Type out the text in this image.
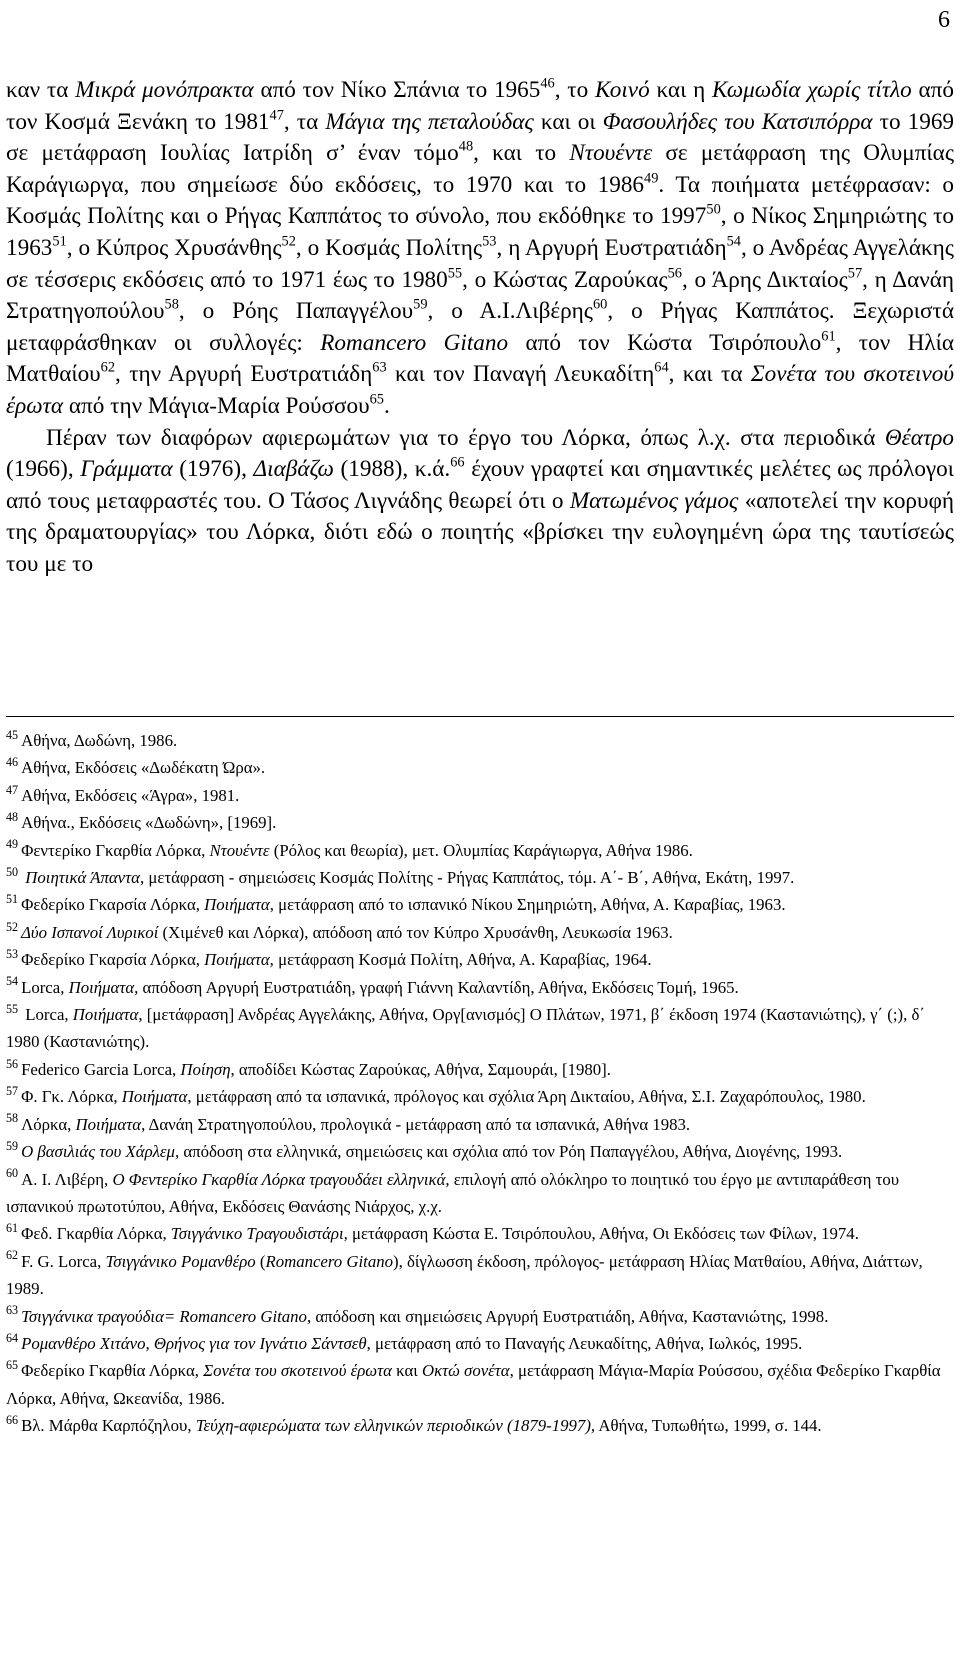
6

καν τα Μικρά μονόπρακτα από τον Νίκο Σπάνια το 1965$^{46}$, το Κοινό και η Κωμωδία χωρίς τίτλο από τον Κοσμά Ξενάκη το 1981$^{47}$, τα Μάγια της πεταλούδας και οι Φασουλήδες του Κατσιπόρρα το 1969 σε μετάφραση Ιουλίας Ιατρίδη σ’ έναν τόμο$^{48}$, και το Ντουέντε σε μετάφραση της Ολυμπίας Καράγιωργα, που σημείωσε δύο εκδόσεις, το 1970 και το 1986$^{49}$. Τα ποιήματα μετέφρασαν: ο Κοσμάς Πολίτης και ο Ρήγας Καππάτος το σύνολο, που εκδόθηκε το 1997$^{50}$, ο Νίκος Σημηριώτης το 1963$^{51}$, ο Κύπρος Χρυσάνθης$^{52}$, ο Κοσμάς Πολίτης$^{53}$, η Αργυρή Ευστρατιάδη$^{54}$, ο Ανδρέας Αγγελάκης σε τέσσερις εκδόσεις από το 1971 έως το 1980$^{55}$, ο Κώστας Ζαρούκας$^{56}$, ο Άρης Δικταίος$^{57}$, η Δανάη Στρατηγοπούλου$^{58}$, ο Ρόης Παπαγγέλου$^{59}$, ο Α.Ι.Λιβέρης$^{60}$, ο Ρήγας Καππάτος. Ξεχωριστά μεταφράσθηκαν οι συλλογές: Romancero Gitano από τον Κώστα Τσιρόπουλο$^{61}$, τον Ηλία Ματθαίου$^{62}$, την Αργυρή Ευστρατιάδη$^{63}$ και τον Παναγή Λευκαδίτη$^{64}$, και τα Σονέτα του σκοτεινού έρωτα από την Μάγια-Μαρία Ρούσσου$^{65}$.

Πέραν των διαφόρων αφιερωμάτων για το έργο του Λόρκα, όπως λ.χ. στα περιοδικά Θέατρο (1966), Γράμματα (1976), Διαβάζω (1988), κ.ά.$^{66}$ έχουν γραφτεί και σημαντικές μελέτες ως πρόλογοι από τους μεταφραστές του. Ο Τάσος Λιγνάδης θεωρεί ότι ο Ματωμένος γάμος «αποτελεί την κορυφή της δραματουργίας» του Λόρκα, διότι εδώ ο ποιητής «βρίσκει την ευλογημένη ώρα της ταυτίσεώς του με το

$^{45}$ Αθήνα, Δωδώνη, 1986.

$^{46}$ Αθήνα, Εκδόσεις «Δωδέκατη Ώρα».

$^{47}$ Αθήνα, Εκδόσεις «Άγρα», 1981.

$^{48}$ Αθήνα., Εκδόσεις «Δωδώνη», [1969].

$^{49}$ Φεντερίκο Γκαρθία Λόρκα, Ντουέντε (Ρόλος και θεωρία), μετ. Ολυμπίας Καράγιωργα, Αθήνα 1986.

$^{50}$ Ποιητικά Άπαντα, μετάφραση - σημειώσεις Κοσμάς Πολίτης - Ρήγας Καππάτος, τόμ. Α΄- Β΄, Αθήνα, Εκάτη, 1997.

$^{51}$ Φεδερίκο Γκαρσία Λόρκα, Ποιήματα, μετάφραση από το ισπανικό Νίκου Σημηριώτη, Αθήνα, Α. Καραβίας, 1963.

$^{52}$ Δύο Ισπανοί Λυρικοί (Χιμένεθ και Λόρκα), απόδοση από τον Κύπρο Χρυσάνθη, Λευκωσία 1963.

$^{53}$ Φεδερίκο Γκαρσία Λόρκα, Ποιήματα, μετάφραση Κοσμά Πολίτη, Αθήνα, Α. Καραβίας, 1964.

$^{54}$ Lorca, Ποιήματα, απόδοση Αργυρή Ευστρατιάδη, γραφή Γιάννη Καλαντίδη, Αθήνα, Εκδόσεις Τομή, 1965.

$^{55}$ Lorca, Ποιήματα, [μετάφραση] Ανδρέας Αγγελάκης, Αθήνα, Οργ[ανισμός] Ο Πλάτων, 1971, β΄ έκδοση 1974 (Καστανιώτης), γ΄ (;), δ΄ 1980 (Καστανιώτης).

$^{56}$ Federico Garcia Lorca, Ποίηση, αποδίδει Κώστας Ζαρούκας, Αθήνα, Σαμουράι, [1980].

$^{57}$ Φ. Γκ. Λόρκα, Ποιήματα, μετάφραση από τα ισπανικά, πρόλογος και σχόλια Άρη Δικταίου, Αθήνα, Σ.Ι. Ζαχαρόπουλος, 1980.

$^{58}$ Λόρκα, Ποιήματα, Δανάη Στρατηγοπούλου, προλογικά - μετάφραση από τα ισπανικά, Αθήνα 1983.

$^{59}$ Ο βασιλιάς του Χάρλεμ, απόδοση στα ελληνικά, σημειώσεις και σχόλια από τον Ρόη Παπαγγέλου, Αθήνα, Διογένης, 1993.

$^{60}$ Α. Ι. Λιβέρη, Ο Φεντερίκο Γκαρθία Λόρκα τραγουδάει ελληνικά, επιλογή από ολόκληρο το ποιητικό του έργο με αντιπαράθεση του ισπανικού πρωτοτύπου, Αθήνα, Εκδόσεις Θανάσης Νιάρχος, χ.χ.

$^{61}$ Φεδ. Γκαρθία Λόρκα, Τσιγγάνικο Τραγουδιστάρι, μετάφραση Κώστα Ε. Τσιρόπουλου, Αθήνα, Οι Εκδόσεις των Φίλων, 1974.

$^{62}$ F. G. Lorca, Τσιγγάνικο Ρομανθέρο (Romancero Gitano), δίγλωσση έκδοση, πρόλογος- μετάφραση Ηλίας Ματθαίου, Αθήνα, Διάττων, 1989.

$^{63}$ Τσιγγάνικα τραγούδια= Romancero Gitano, απόδοση και σημειώσεις Αργυρή Ευστρατιάδη, Αθήνα, Καστανιώτης, 1998.

$^{64}$ Ρομανθέρο Χιτάνο, Θρήνος για τον Ιγνάτιο Σάντσεθ, μετάφραση από το Παναγής Λευκαδίτης, Αθήνα, Ιωλκός, 1995.

$^{65}$ Φεδερίκο Γκαρθία Λόρκα, Σονέτα του σκοτεινού έρωτα και Οκτώ σονέτα, μετάφραση Μάγια-Μαρία Ρούσσου, σχέδια Φεδερίκο Γκαρθία Λόρκα, Αθήνα, Ωκεανίδα, 1986.

$^{66}$ Βλ. Μάρθα Καρπόζηλου, Τεύχη-αφιερώματα των ελληνικών περιοδικών (1879-1997), Αθήνα, Τυπωθήτω, 1999, σ. 144.
